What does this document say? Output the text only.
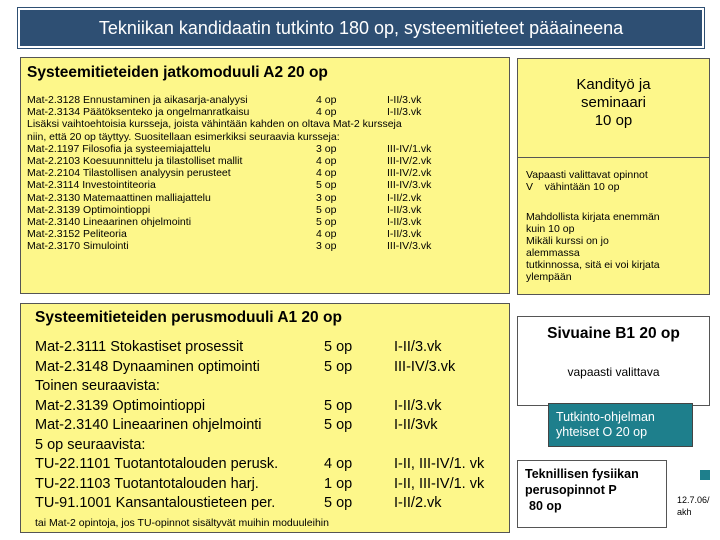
Tekniikan kandidaatin tutkinto 180 op, systeemitieteet pääaineena
Systeemitieteiden jatkomoduuli A2 20 op
Mat-2.3128 Ennustaminen ja aikasarja-analyysi	4 op	I-II/3.vk
Mat-2.3134 Päätöksenteko ja ongelmanratkaisu	4 op	I-II/3.vk
Lisäksi vaihtoehtoisia kursseja, joista vähintään kahden on oltava Mat-2 kursseja
niin, että 20 op täyttyy. Suositellaan esimerkiksi seuraavia kursseja:
Mat-2.1197 Filosofia ja systeemiajattelu	3 op	III-IV/1.vk
Mat-2.2103 Koesuunnittelu ja tilastolliset mallit	4 op	III-IV/2.vk
Mat-2.2104 Tilastollisen analyysin perusteet	4 op	III-IV/2.vk
Mat-2.3114 Investointiteoria	5 op	III-IV/3.vk
Mat-2.3130 Matemaattinen malliajattelu	3 op	I-II/2.vk
Mat-2.3139 Optimointioppi	5 op	I-II/3.vk
Mat-2.3140 Lineaarinen ohjelmointi	5 op	I-II/3.vk
Mat-2.3152 Peliteoria	4 op	I-II/3.vk
Mat-2.3170 Simulointi	3 op	III-IV/3.vk
Systeemitieteiden perusmoduuli A1 20 op
Mat-2.3111 Stokastiset prosessit	5 op	I-II/3.vk
Mat-2.3148 Dynaaminen optimointi	5 op	III-IV/3.vk
Toinen seuraavista:
Mat-2.3139 Optimointioppi	5 op	I-II/3.vk
Mat-2.3140 Lineaarinen ohjelmointi	5 op	I-II/3vk
5 op seuraavista:
TU-22.1101 Tuotantotalouden perusk.	4 op	I-II, III-IV/1. vk
TU-22.1103 Tuotantotalouden harj.	1 op	I-II, III-IV/1. vk
TU-91.1001 Kansantaloustieteen per.	5 op	I-II/2.vk
tai Mat-2 opintoja, jos TU-opinnot sisältyvät muihin moduuleihin
Kandityö ja
seminaari
10 op
Vapaasti valittavat opinnot
V    vähintään 10 op
Mahdollista kirjata enemmän
kuin 10 op
Mikäli kurssi on jo
alemmassa
tutkinnossa, sitä ei voi kirjata
ylempään
Sivuaine B1 20 op
vapaasti valittava
Tutkinto-ohjelman
yhteiset O 20 op
Teknillisen fysiikan
perusopinnot P
80 op	12.7.06/
akh
